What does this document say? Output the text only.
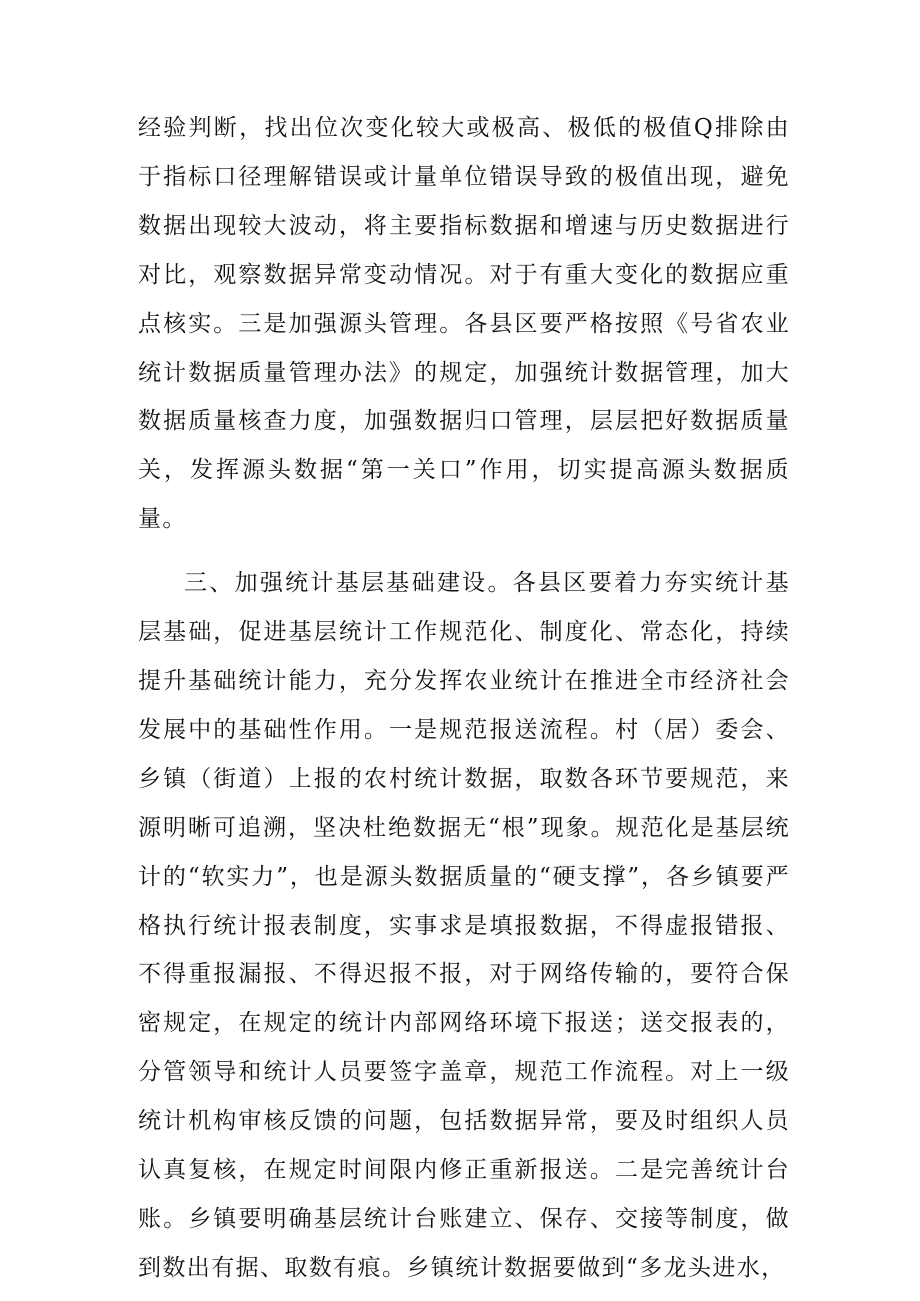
经验判断，找出位次变化较大或极高、极低的极值Q排除由于指标口径理解错误或计量单位错误导致的极值出现，避免数据出现较大波动，将主要指标数据和增速与历史数据进行对比，观察数据异常变动情况。对于有重大变化的数据应重点核实。三是加强源头管理。各县区要严格按照《号省农业统计数据质量管理办法》的规定，加强统计数据管理，加大数据质量核查力度，加强数据归口管理，层层把好数据质量关，发挥源头数据“第一关口”作用，切实提高源头数据质量。

三、加强统计基层基础建设。各县区要着力夯实统计基层基础，促进基层统计工作规范化、制度化、常态化，持续提升基础统计能力，充分发挥农业统计在推进全市经济社会发展中的基础性作用。一是规范报送流程。村（居）委会、乡镇（街道）上报的农村统计数据，取数各环节要规范，来源明晰可追溯，坚决杜绝数据无“根”现象。规范化是基层统计的“软实力”，也是源头数据质量的“硬支撑”，各乡镇要严格执行统计报表制度，实事求是填报数据，不得虚报错报、不得重报漏报、不得迟报不报，对于网络传输的，要符合保密规定，在规定的统计内部网络环境下报送；送交报表的，分管领导和统计人员要签字盖章，规范工作流程。对上一级统计机构审核反馈的问题，包括数据异常，要及时组织人员认真复核，在规定时间限内修正重新报送。二是完善统计台账。乡镇要明确基层统计台账建立、保存、交接等制度，做到数出有据、取数有痕。乡镇统计数据要做到“多龙头进水，
